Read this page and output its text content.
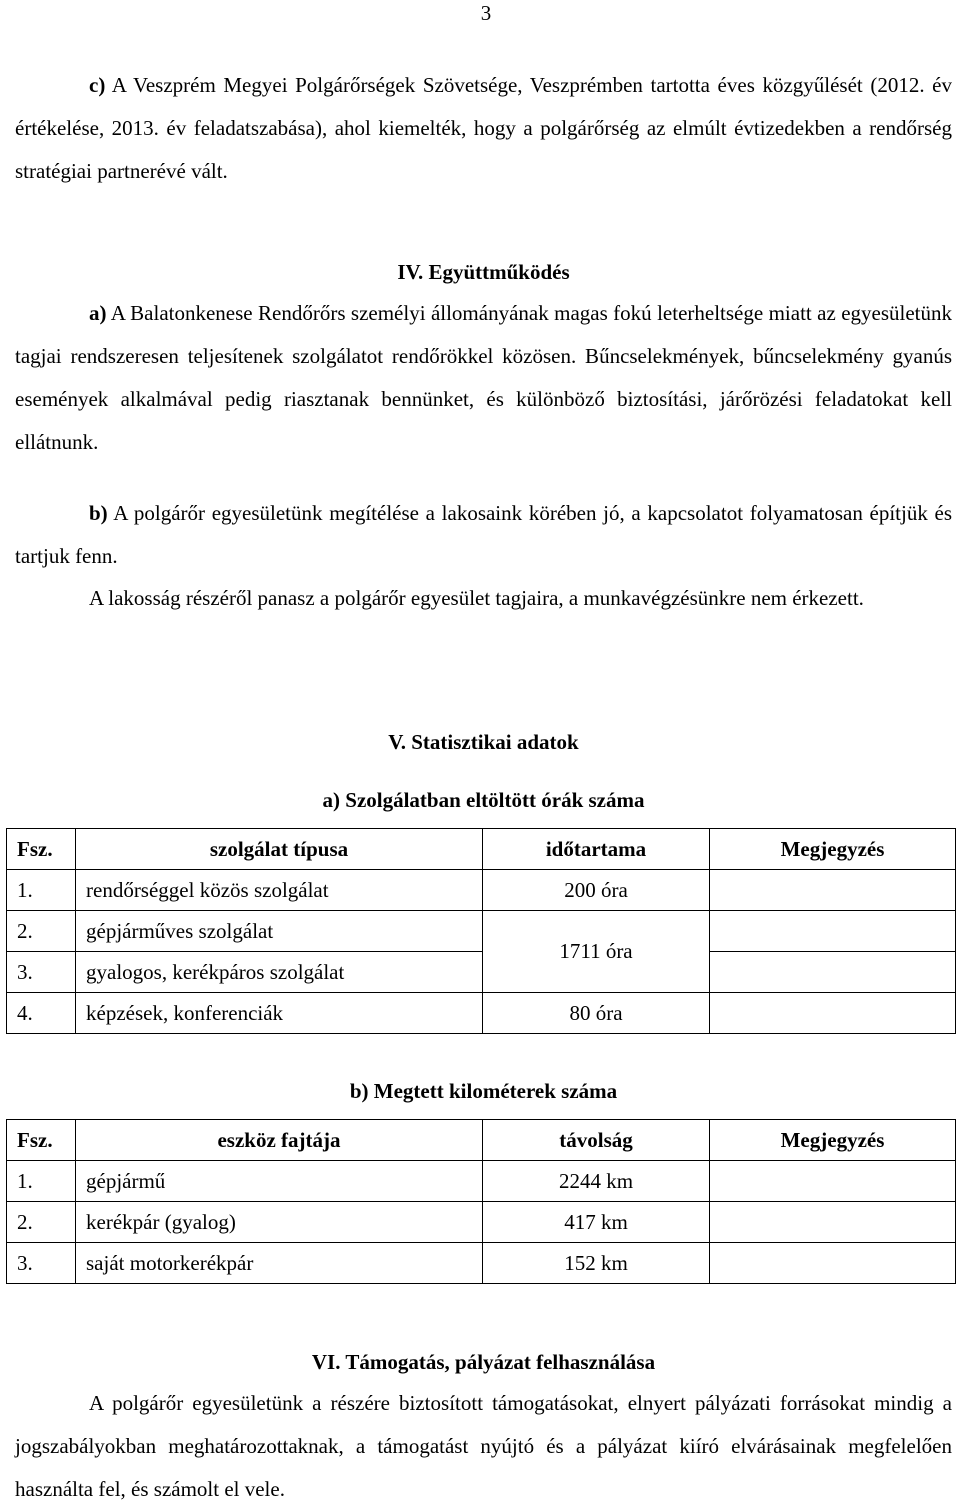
3

c) A Veszprém Megyei Polgárőrségek Szövetsége, Veszprémben tartotta éves közgyűlését (2012. év értékelése, 2013. év feladatszabása), ahol kiemelték, hogy a polgárőrség az elmúlt évtizedekben a rendőrség stratégiai partnerévé vált.

IV. Együttműködés

a) A Balatonkenese Rendőrőrs személyi állományának magas fokú leterheltsége miatt az egyesületünk tagjai rendszeresen teljesítenek szolgálatot rendőrökkel közösen. Bűncselekmények, bűncselekmény gyanús események alkalmával pedig riasztanak bennünket, és különböző biztosítási, járőrözési feladatokat kell ellátnunk.

b) A polgárőr egyesületünk megítélése a lakosaink körében jó, a kapcsolatot folyamatosan építjük és tartjuk fenn.

A lakosság részéről panasz a polgárőr egyesület tagjaira, a munkavégzésünkre nem érkezett.

V. Statisztikai adatok
a) Szolgálatban eltöltött órák száma
Fsz.	szolgálat típusa	időtartama	Megjegyzés
1.	rendőrséggel közös szolgálat	200 óra	
2.	gépjárműves szolgálat	1711 óra	
3.	gyalogos, kerékpáros szolgálat		
4.	képzések, konferenciák	80 óra	
b) Megtett kilométerek száma
Fsz.	eszköz fajtája	távolság	Megjegyzés
1.	gépjármű	2244 km	
2.	kerékpár (gyalog)	417 km	
3.	saját motorkerékpár	152 km	
VI. Támogatás, pályázat felhasználása

A polgárőr egyesületünk a részére biztosított támogatásokat, elnyert pályázati forrásokat mindig a jogszabályokban meghatározottaknak, a támogatást nyújtó és a pályázat kiíró elvárásainak megfelelően használta fel, és számolt el vele.
